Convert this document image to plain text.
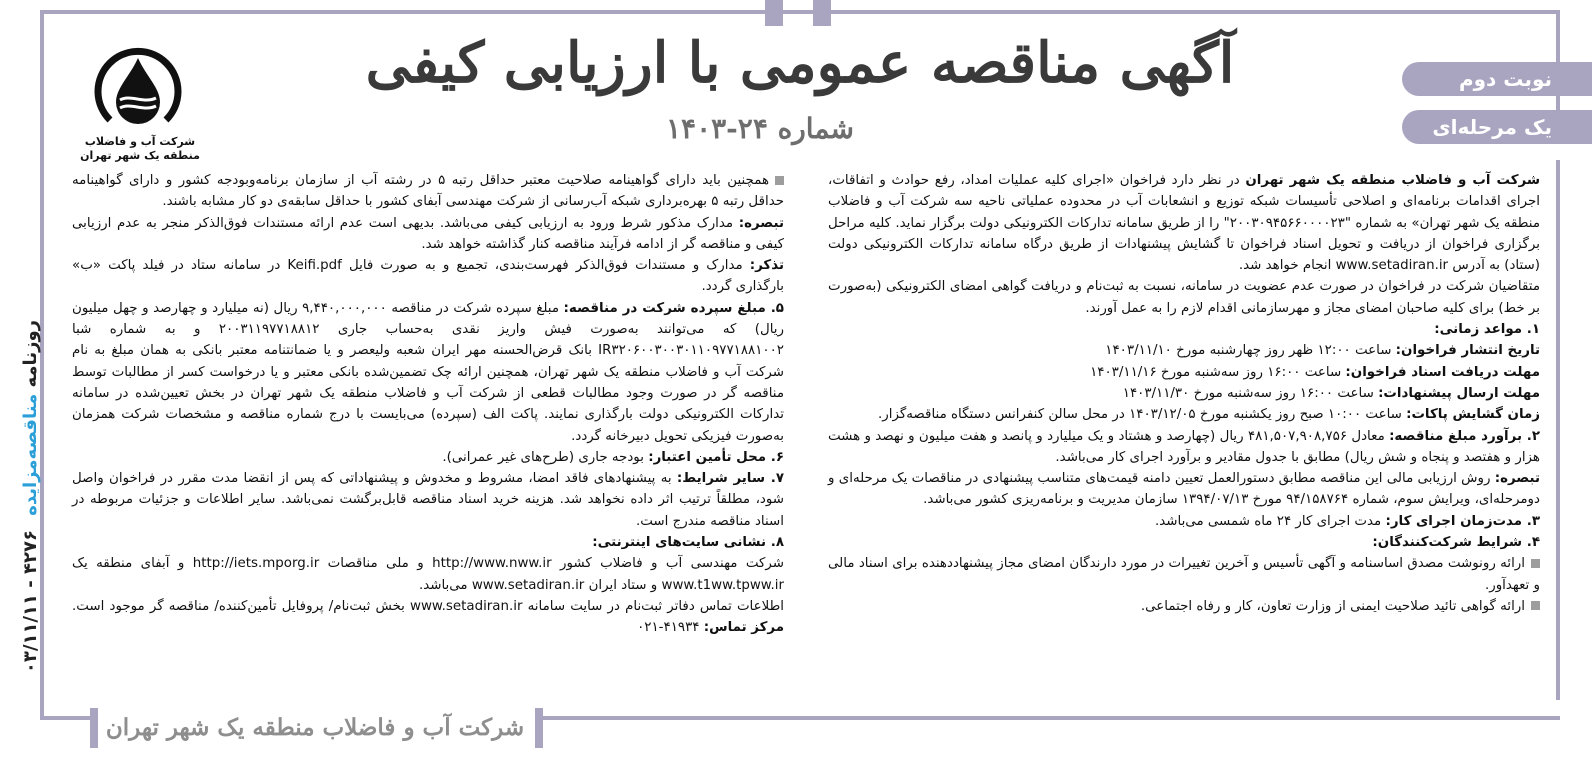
شرکت آب و فاضلاب
منطقه یک شهر تهران
آگهی مناقصه عمومی با ارزیابی کیفی
شماره ۲۴-۱۴۰۳
نوبت دوم
یک مرحله‌ای
روزنامه مناقصه‌مزایده ۴۲۷۶ - ۰۳/۱۱/۱۱

شرکت آب و فاضلاب منطقه یک شهر تهران در نظر دارد فراخوان «اجرای کلیه عملیات امداد، رفع حوادث و اتفاقات، اجرای اقدامات برنامه‌ای و اصلاحی تأسیسات شبکه توزیع و انشعابات آب در محدوده عملیاتی ناحیه سه شرکت آب و فاضلاب منطقه یک شهر تهران» به شماره "۲۰۰۳۰۹۴۵۶۶۰۰۰۰۲۳" را از طریق سامانه تدارکات الکترونیکی دولت برگزار نماید. کلیه مراحل برگزاری فراخوان از دریافت و تحویل اسناد فراخوان تا گشایش پیشنهادات از طریق درگاه سامانه تدارکات الکترونیکی دولت (ستاد) به آدرس www.setadiran.ir انجام خواهد شد.

متقاضیان شرکت در فراخوان در صورت عدم عضویت در سامانه، نسبت به ثبت‌نام و دریافت گواهی امضای الکترونیکی (به‌صورت بر خط) برای کلیه صاحبان امضای مجاز و مهرسازمانی اقدام لازم را به عمل آورند.

۱. مواعد زمانی:

تاریخ انتشار فراخوان: ساعت ۱۲:۰۰ ظهر روز چهارشنبه مورخ ۱۴۰۳/۱۱/۱۰

مهلت دریافت اسناد فراخوان: ساعت ۱۶:۰۰ روز سه‌شنبه مورخ ۱۴۰۳/۱۱/۱۶

مهلت ارسال پیشنهادات: ساعت ۱۶:۰۰ روز سه‌شنبه مورخ ۱۴۰۳/۱۱/۳۰

زمان گشایش پاکات: ساعت ۱۰:۰۰ صبح روز یکشنبه مورخ ۱۴۰۳/۱۲/۰۵ در محل سالن کنفرانس دستگاه مناقصه‌گزار.

۲. برآورد مبلغ مناقصه: معادل ۴۸۱,۵۰۷,۹۰۸,۷۵۶ ریال (چهارصد و هشتاد و یک میلیارد و پانصد و هفت میلیون و نهصد و هشت هزار و هفتصد و پنجاه و شش ریال) مطابق با جدول مقادیر و برآورد اجرای کار می‌باشد.

تبصره: روش ارزیابی مالی این مناقصه مطابق دستورالعمل تعیین دامنه قیمت‌های متناسب پیشنهادی در مناقصات یک مرحله‌ای و دومرحله‌ای، ویرایش سوم، شماره ۹۴/۱۵۸۷۶۴ مورخ ۱۳۹۴/۰۷/۱۳ سازمان مدیریت و برنامه‌ریزی کشور می‌باشد.

۳. مدت‌زمان اجرای کار: مدت اجرای کار ۲۴ ماه شمسی می‌باشد.

۴. شرایط شرکت‌کنندگان:

ارائه رونوشت مصدق اساسنامه و آگهی تأسیس و آخرین تغییرات در مورد دارندگان امضای مجاز پیشنهاددهنده برای اسناد مالی و تعهدآور.

ارائه گواهی تائید صلاحیت ایمنی از وزارت تعاون، کار و رفاه اجتماعی.

همچنین باید دارای گواهینامه صلاحیت معتبر حداقل رتبه ۵ در رشته آب از سازمان برنامه‌وبودجه کشور و دارای گواهینامه حداقل رتبه ۵ بهره‌برداری شبکه آب‌رسانی از شرکت مهندسی آبفای کشور با حداقل سابقه‌ی دو کار مشابه باشند.

تبصره: مدارک مذکور شرط ورود به ارزیابی کیفی می‌باشد. بدیهی است عدم ارائه مستندات فوق‌الذکر منجر به عدم ارزیابی کیفی و مناقصه گر از ادامه فرآیند مناقصه کنار گذاشته خواهد شد.

تذکر: مدارک و مستندات فوق‌الذکر فهرست‌بندی، تجمیع و به صورت فایل Keifi.pdf در سامانه ستاد در فیلد پاکت «ب» بارگذاری گردد.

۵. مبلغ سپرده شرکت در مناقصه: مبلغ سپرده شرکت در مناقصه ۹,۴۴۰,۰۰۰,۰۰۰ ریال (نه میلیارد و چهارصد و چهل میلیون ریال) که می‌توانند به‌صورت فیش واریز نقدی به‌حساب جاری ۲۰۰۳۱۱۹۷۷۱۸۸۱۲ و به شماره شبا IR۳۲۰۶۰۰۳۰۰۳۰۱۱۰۹۷۷۱۸۸۱۰۰۲ بانک قرض‌الحسنه مهر ایران شعبه ولیعصر و یا ضمانتنامه معتبر بانکی به همان مبلغ به نام شرکت آب و فاضلاب منطقه یک شهر تهران، همچنین ارائه چک تضمین‌شده بانکی معتبر و یا درخواست کسر از مطالبات توسط مناقصه گر در صورت وجود مطالبات قطعی از شرکت آب و فاضلاب منطقه یک شهر تهران در بخش تعیین‌شده در سامانه تدارکات الکترونیکی دولت بارگذاری نمایند. پاکت الف (سپرده) می‌بایست با درج شماره مناقصه و مشخصات شرکت همزمان به‌صورت فیزیکی تحویل دبیرخانه گردد.

۶. محل تأمین اعتبار: بودجه جاری (طرح‌های غیر عمرانی).

۷. سایر شرایط: به پیشنهادهای فاقد امضا، مشروط و مخدوش و پیشنهاداتی که پس از انقضا مدت مقرر در فراخوان واصل شود، مطلقاً ترتیب اثر داده نخواهد شد. هزینه خرید اسناد مناقصه قابل‌برگشت نمی‌باشد. سایر اطلاعات و جزئیات مربوطه در اسناد مناقصه مندرج است.

۸. نشانی سایت‌های اینترنتی:

شرکت مهندسی آب و فاضلاب کشور http://www.nww.ir و ملی مناقصات http://iets.mporg.ir و آبفای منطقه یک www.t1ww.tpww.ir و ستاد ایران www.setadiran.ir می‌باشد.

اطلاعات تماس دفاتر ثبت‌نام در سایت سامانه www.setadiran.ir بخش ثبت‌نام/ پروفایل تأمین‌کننده/ مناقصه گر موجود است. مرکز تماس: ۴۱۹۳۴-۰۲۱

شرکت آب و فاضلاب منطقه یک شهر تهران
